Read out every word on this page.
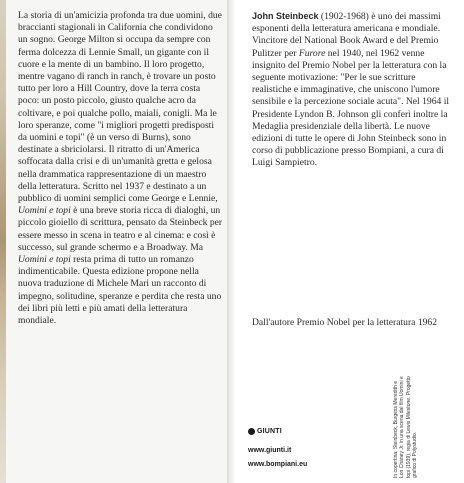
La storia di un'amicizia profonda tra due uomini, due braccianti stagionali in California che condividono un sogno. George Milton si occupa da sempre con ferma dolcezza di Lennie Small, un gigante con il cuore e la mente di un bambino. Il loro progetto, mentre vagano di ranch in ranch, è trovare un posto tutto per loro a Hill Country, dove la terra costa poco: un posto piccolo, giusto qualche acro da coltivare, e poi qualche pollo, maiali, conigli. Ma le loro speranze, come "i migliori progetti predisposti da uomini e topi" (è un verso di Burns), sono destinate a sbriciolarsi. Il ritratto di un'America soffocata dalla crisi e di un'umanità gretta e gelosa nella drammatica rappresentazione di un maestro della letteratura. Scritto nel 1937 e destinato a un pubblico di uomini semplici come George e Lennie, Uomini e topi è una breve storia ricca di dialoghi, un piccolo gioiello di scrittura, pensato da Steinbeck per essere messo in scena in teatro e al cinema: e così è successo, sul grande schermo e a Broadway. Ma Uomini e topi resta prima di tutto un romanzo indimenticabile. Questa edizione propone nella nuova traduzione di Michele Mari un racconto di impegno, solitudine, speranze e perdita che resta uno dei libri più letti e più amati della letteratura mondiale.

John Steinbeck (1902-1968) è uno dei massimi esponenti della letteratura americana e mondiale. Vincitore del National Book Award e del Premio Pulitzer per Furore nel 1940, nel 1962 venne insignito del Premio Nobel per la letteratura con la seguente motivazione: "Per le sue scritture realistiche e immaginative, che uniscono l'umore sensibile e la percezione sociale acuta". Nel 1964 il Presidente Lyndon B. Johnson gli conferì inoltre la Medaglia presidenziale della libertà. Le nuove edizioni di tutte le opere di John Steinbeck sono in corso di pubblicazione presso Bompiani, a cura di Luigi Sampietro.

Dall'autore Premio Nobel per la letteratura 1962

GIUNTI
www.giunti.it
www.bompiani.eu	In copertina: Steinbeck, Burgess Meredith e Lon Chaney Jr. in una scena dal film Uomini e topi (1939), regia di Lewis Milestone. Progetto grafico di Polystudio.
